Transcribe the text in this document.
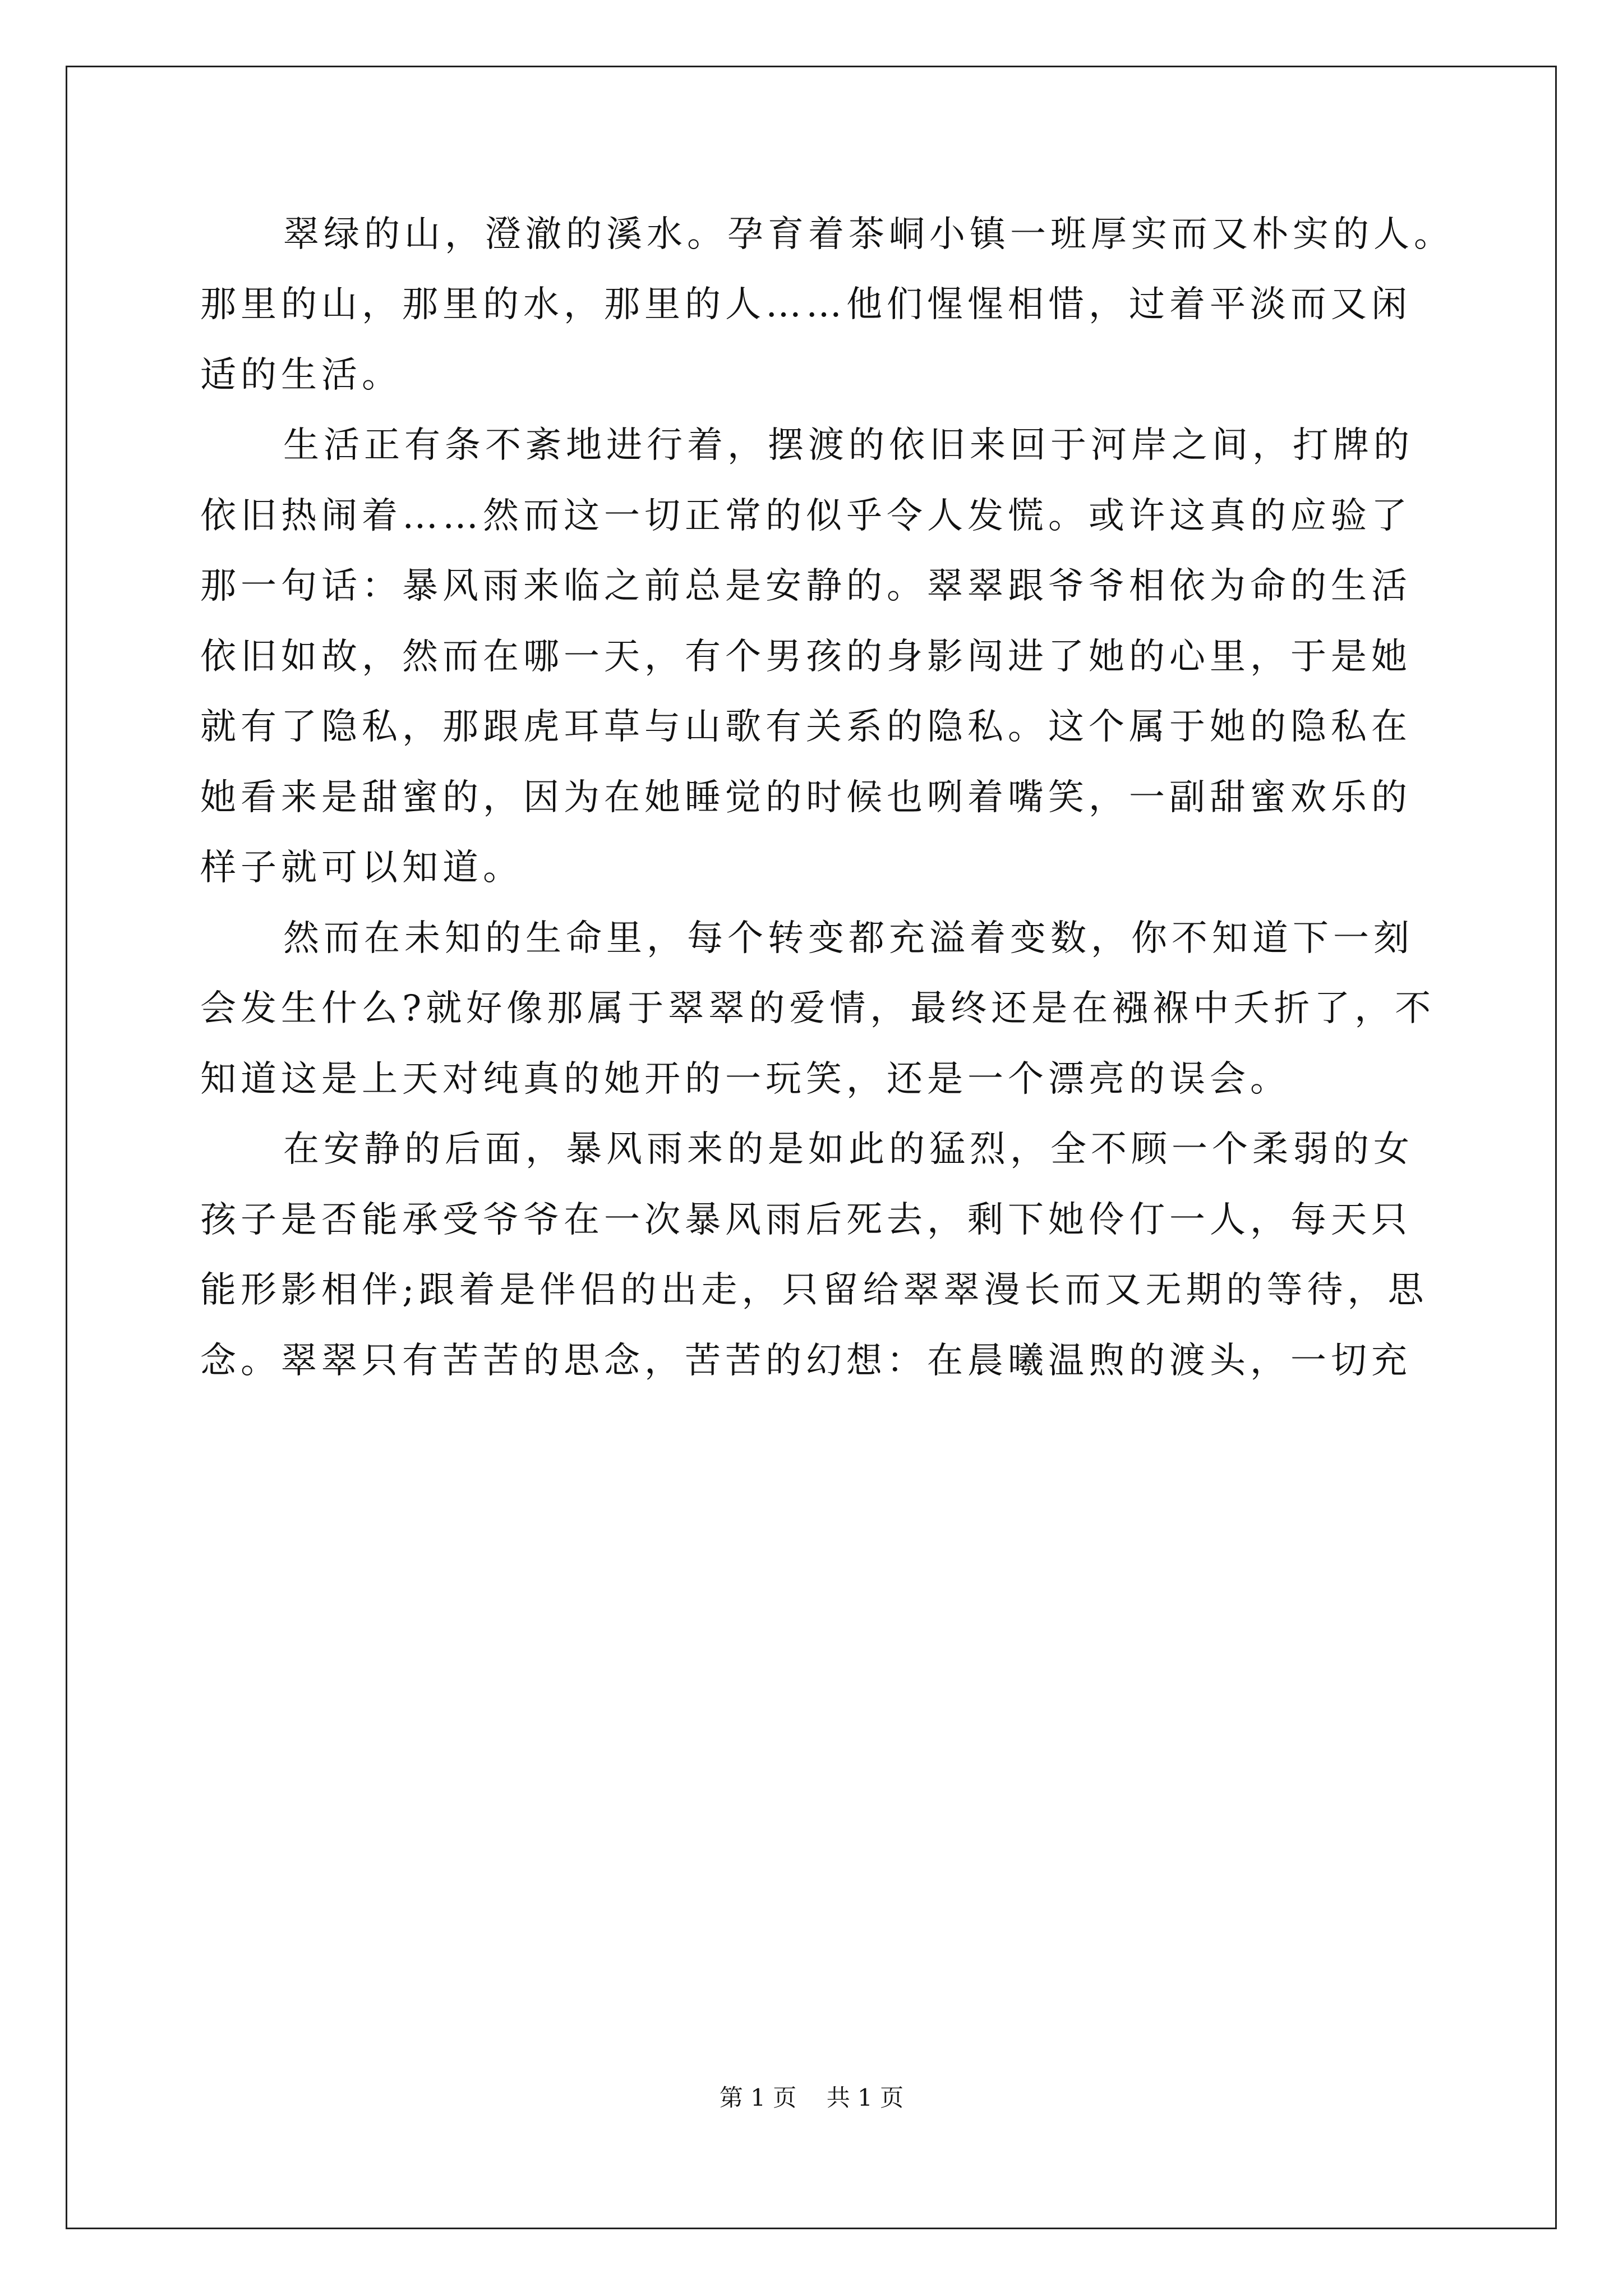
翠绿的山，澄澈的溪水。孕育着茶峒小镇一班厚实而又朴实的人。
那里的山，那里的水，那里的人……他们惺惺相惜，过着平淡而又闲
适的生活。
生活正有条不紊地进行着，摆渡的依旧来回于河岸之间，打牌的
依旧热闹着……然而这一切正常的似乎令人发慌。或许这真的应验了
那一句话：暴风雨来临之前总是安静的。翠翠跟爷爷相依为命的生活
依旧如故，然而在哪一天，有个男孩的身影闯进了她的心里，于是她
就有了隐私，那跟虎耳草与山歌有关系的隐私。这个属于她的隐私在
她看来是甜蜜的，因为在她睡觉的时候也咧着嘴笑，一副甜蜜欢乐的
样子就可以知道。
然而在未知的生命里，每个转变都充溢着变数，你不知道下一刻
会发生什么?就好像那属于翠翠的爱情，最终还是在襁褓中夭折了，不
知道这是上天对纯真的她开的一玩笑，还是一个漂亮的误会。
在安静的后面，暴风雨来的是如此的猛烈，全不顾一个柔弱的女
孩子是否能承受爷爷在一次暴风雨后死去，剩下她伶仃一人，每天只
能形影相伴;跟着是伴侣的出走，只留给翠翠漫长而又无期的等待，思
念。翠翠只有苦苦的思念，苦苦的幻想：在晨曦温煦的渡头，一切充
第 1 页    共 1 页
